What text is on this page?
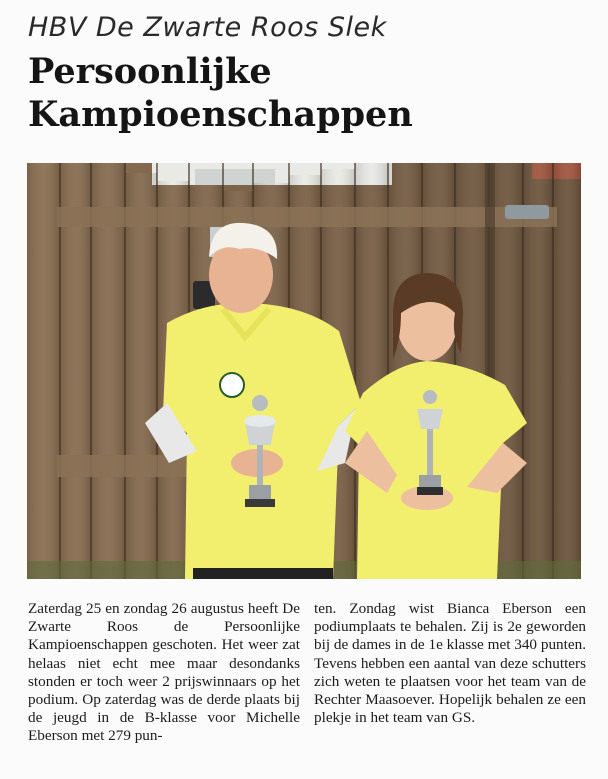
HBV De Zwarte Roos Slek
Persoonlijke
Kampioenschappen

Zaterdag 25 en zondag 26 augustus heeft De Zwarte Roos de Persoonlijke Kampioenschappen geschoten. Het weer zat helaas niet echt mee maar desondanks stonden er toch weer 2 prijswinnaars op het podium. Op zaterdag was de derde plaats bij de jeugd in de B-klasse voor Michelle Eberson met 279 pun-

ten. Zondag wist Bianca Eberson een podiumplaats te behalen. Zij is 2e geworden bij de dames in de 1e klasse met 340 punten. Tevens hebben een aantal van deze schutters zich weten te plaatsen voor het team van de Rechter Maasoever. Hopelijk behalen ze een plekje in het team van GS.
